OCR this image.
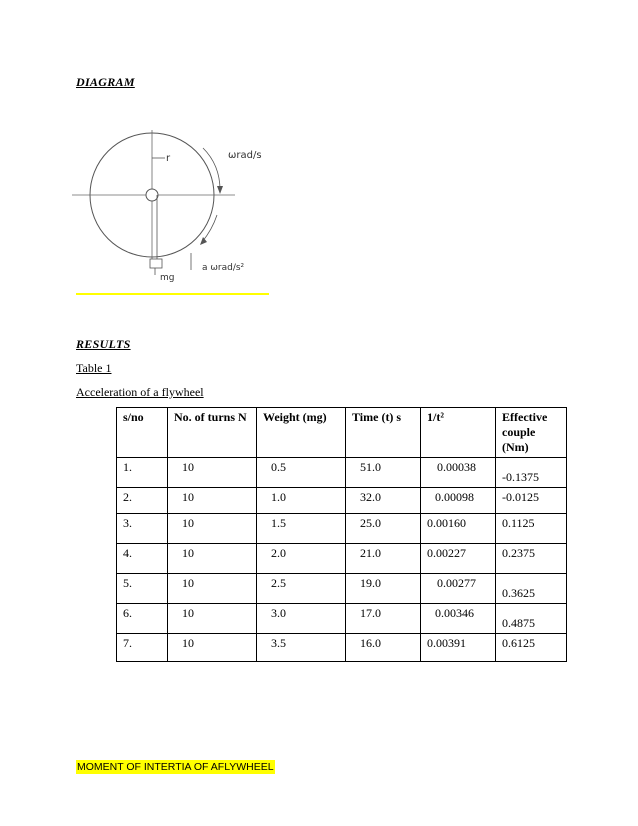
DIAGRAM
r	ωrad/s
a ωrad/s²
mg
RESULTS
Table 1
Acceleration of a flywheel
s/no	No. of turns N	Weight (mg)	Time (t) s	1/t²	Effective couple (Nm)
1.	10	0.5	51.0	0.00038	-0.1375
2.	10	1.0	32.0	0.00098	-0.0125
3.	10	1.5	25.0	0.00160	0.1125
4.	10	2.0	21.0	0.00227	0.2375
5.	10	2.5	19.0	0.00277	0.3625
6.	10	3.0	17.0	0.00346	0.4875
7.	10	3.5	16.0	0.00391	0.6125
MOMENT OF INTERTIA OF AFLYWHEEL
